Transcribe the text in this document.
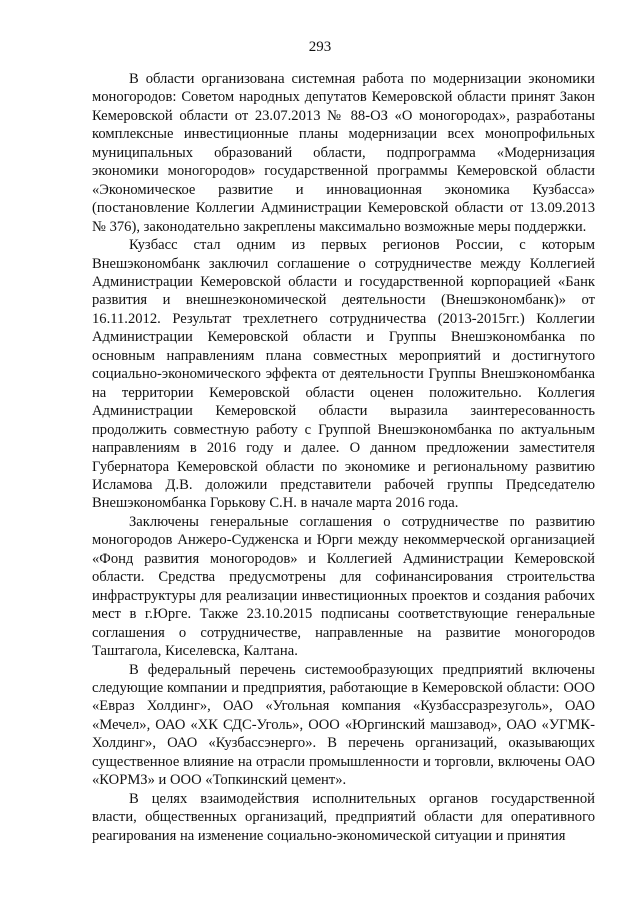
293

В области организована системная работа по модернизации экономики моногородов: Советом народных депутатов Кемеровской области принят Закон Кемеровской области от 23.07.2013 № 88-ОЗ «О моногородах», разработаны комплексные инвестиционные планы модернизации всех монопрофильных муниципальных образований области, подпрограмма «Модернизация экономики моногородов» государственной программы Кемеровской области «Экономическое развитие и инновационная экономика Кузбасса» (постановление Коллегии Администрации Кемеровской области от 13.09.2013 № 376), законодательно закреплены максимально возможные меры поддержки.

Кузбасс стал одним из первых регионов России, с которым Внешэкономбанк заключил соглашение о сотрудничестве между Коллегией Администрации Кемеровской области и государственной корпорацией «Банк развития и внешнеэкономической деятельности (Внешэкономбанк)» от 16.11.2012. Результат трехлетнего сотрудничества (2013-2015гг.) Коллегии Администрации Кемеровской области и Группы Внешэкономбанка по основным направлениям плана совместных мероприятий и достигнутого социально-экономического эффекта от деятельности Группы Внешэкономбанка на территории Кемеровской области оценен положительно. Коллегия Администрации Кемеровской области выразила заинтересованность продолжить совместную работу с Группой Внешэкономбанка по актуальным направлениям в 2016 году и далее. О данном предложении заместителя Губернатора Кемеровской области по экономике и региональному развитию Исламова Д.В. доложили представители рабочей группы Председателю Внешэкономбанка Горькову С.Н. в начале марта 2016 года.

Заключены генеральные соглашения о сотрудничестве по развитию моногородов Анжеро-Судженска и Юрги между некоммерческой организацией «Фонд развития моногородов» и Коллегией Администрации Кемеровской области. Средства предусмотрены для софинансирования строительства инфраструктуры для реализации инвестиционных проектов и создания рабочих мест в г.Юрге. Также 23.10.2015 подписаны соответствующие генеральные соглашения о сотрудничестве, направленные на развитие моногородов Таштагола, Киселевска, Калтана.

В федеральный перечень системообразующих предприятий включены следующие компании и предприятия, работающие в Кемеровской области: ООО «Евраз Холдинг», ОАО «Угольная компания «Кузбассразрезуголь», ОАО «Мечел», ОАО «ХК СДС-Уголь», ООО «Юргинский машзавод», ОАО «УГМК-Холдинг», ОАО «Кузбассэнерго». В перечень организаций, оказывающих существенное влияние на отрасли промышленности и торговли, включены ОАО «КОРМЗ» и ООО «Топкинский цемент».

В целях взаимодействия исполнительных органов государственной власти, общественных организаций, предприятий области для оперативного реагирования на изменение социально-экономической ситуации и принятия
